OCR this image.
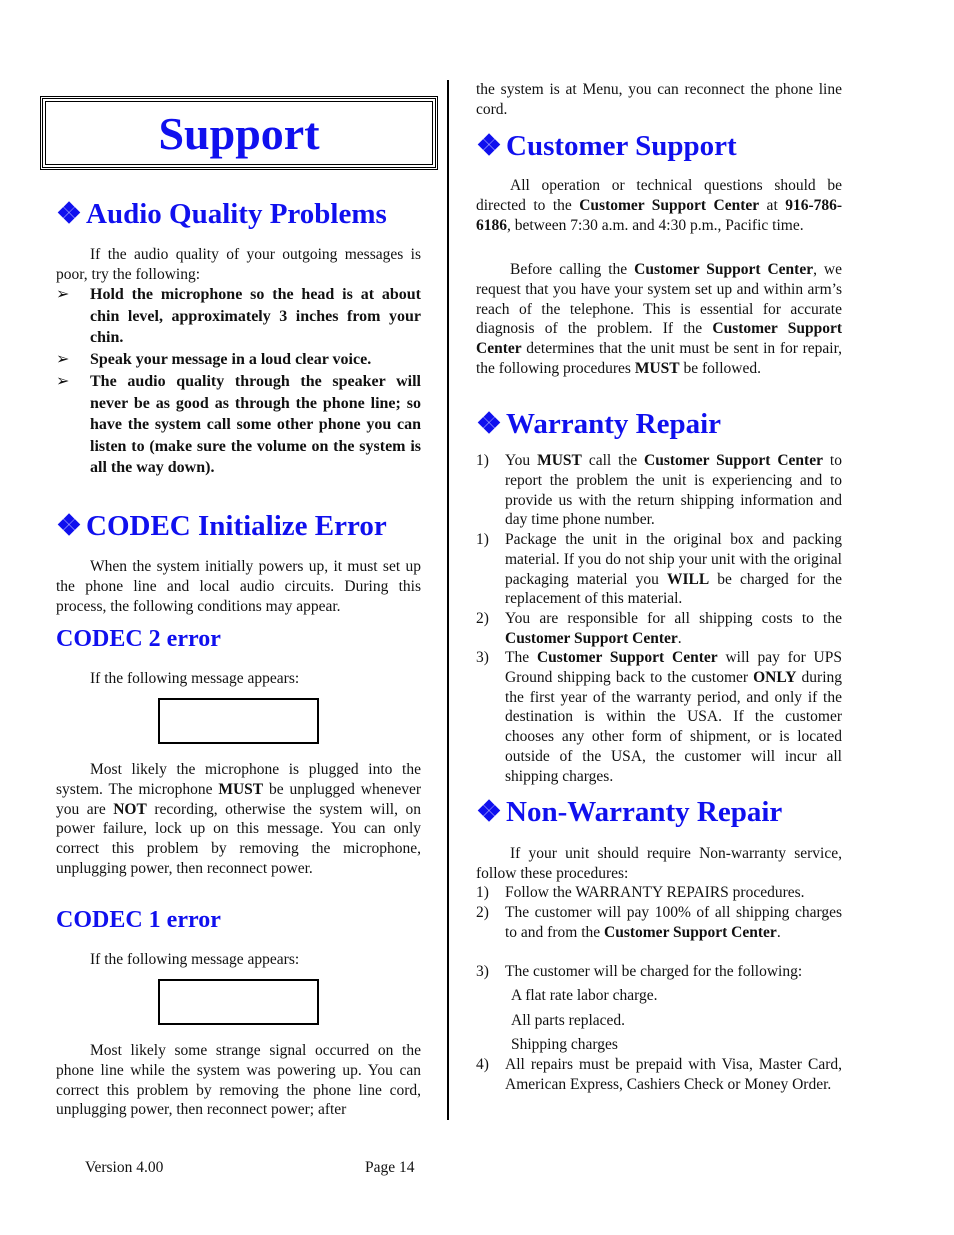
Support
❖ Audio Quality Problems

If the audio quality of your outgoing messages is poor, try the following:

➢ Hold the microphone so the head is at about chin level, approximately 3 inches from your chin.

➢ Speak your message in a loud clear voice.

➢ The audio quality through the speaker will never be as good as through the phone line; so have the system call some other phone you can listen to (make sure the volume on the system is all the way down).

❖ CODEC Initialize Error

When the system initially powers up, it must set up the phone line and local audio circuits. During this process, the following conditions may appear.

CODEC 2 error

If the following message appears:

Most likely the microphone is plugged into the system. The microphone MUST be unplugged whenever you are NOT recording, otherwise the system will, on power failure, lock up on this message. You can only correct this problem by removing the microphone, unplugging power, then reconnect power.

CODEC 1 error

If the following message appears:

Most likely some strange signal occurred on the phone line while the system was powering up. You can correct this problem by removing the phone line cord, unplugging power, then reconnect power; after

the system is at Menu, you can reconnect the phone line cord.

❖ Customer Support

All operation or technical questions should be directed to the Customer Support Center at 916-786-6186, between 7:30 a.m. and 4:30 p.m., Pacific time.

Before calling the Customer Support Center, we request that you have your system set up and within arm’s reach of the telephone. This is essential for accurate diagnosis of the problem. If the Customer Support Center determines that the unit must be sent in for repair, the following procedures MUST be followed.

❖ Warranty Repair

1) You MUST call the Customer Support Center to report the problem the unit is experiencing and to provide us with the return shipping information and day time phone number.

1) Package the unit in the original box and packing material. If you do not ship your unit with the original packaging material you WILL be charged for the replacement of this material.

2) You are responsible for all shipping costs to the Customer Support Center.

3) The Customer Support Center will pay for UPS Ground shipping back to the customer ONLY during the first year of the warranty period, and only if the destination is within the USA. If the customer chooses any other form of shipment, or is located outside of the USA, the customer will incur all shipping charges.

❖ Non-Warranty Repair

If your unit should require Non-warranty service, follow these procedures:

1) Follow the WARRANTY REPAIRS procedures.

2) The customer will pay 100% of all shipping charges to and from the Customer Support Center.

3) The customer will be charged for the following:

A flat rate labor charge.

All parts replaced.

Shipping charges

4) All repairs must be prepaid with Visa, Master Card, American Express, Cashiers Check or Money Order.

Version 4.00	Page 14
